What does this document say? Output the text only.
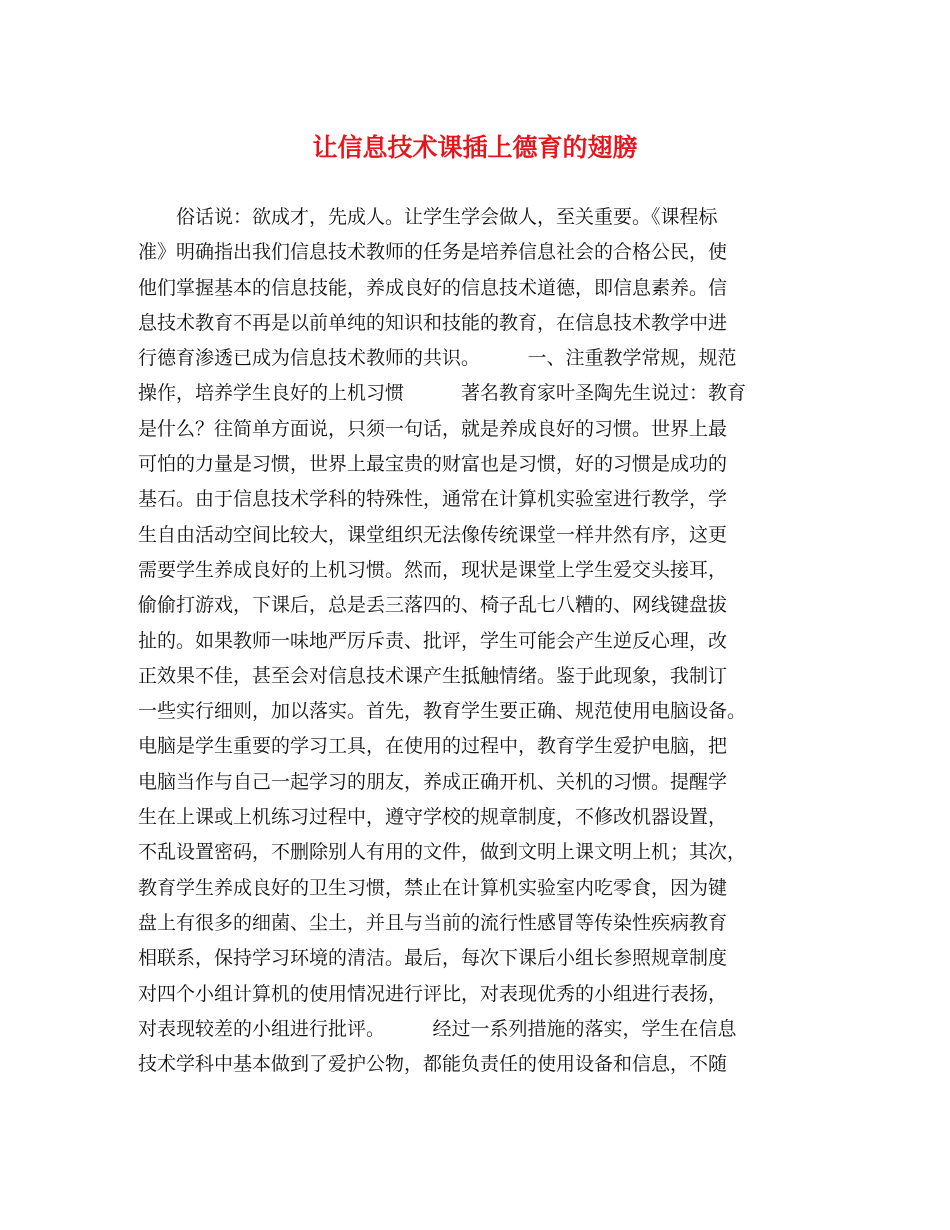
让信息技术课插上德育的翅膀
俗话说：欲成才，先成人。让学生学会做人，至关重要。《课程标
准》明确指出我们信息技术教师的任务是培养信息社会的合格公民，使
他们掌握基本的信息技能，养成良好的信息技术道德，即信息素养。信
息技术教育不再是以前单纯的知识和技能的教育，在信息技术教学中进
行德育渗透已成为信息技术教师的共识。　　　一、注重教学常规，规范
操作，培养学生良好的上机习惯　　　著名教育家叶圣陶先生说过：教育
是什么？往简单方面说，只须一句话，就是养成良好的习惯。世界上最
可怕的力量是习惯，世界上最宝贵的财富也是习惯，好的习惯是成功的
基石。由于信息技术学科的特殊性，通常在计算机实验室进行教学，学
生自由活动空间比较大，课堂组织无法像传统课堂一样井然有序，这更
需要学生养成良好的上机习惯。然而，现状是课堂上学生爱交头接耳，
偷偷打游戏，下课后，总是丢三落四的、椅子乱七八糟的、网线键盘拔
扯的。如果教师一味地严厉斥责、批评，学生可能会产生逆反心理，改
正效果不佳，甚至会对信息技术课产生抵触情绪。鉴于此现象，我制订
一些实行细则，加以落实。首先，教育学生要正确、规范使用电脑设备。
电脑是学生重要的学习工具，在使用的过程中，教育学生爱护电脑，把
电脑当作与自己一起学习的朋友，养成正确开机、关机的习惯。提醒学
生在上课或上机练习过程中，遵守学校的规章制度，不修改机器设置，
不乱设置密码，不删除别人有用的文件，做到文明上课文明上机；其次，
教育学生养成良好的卫生习惯，禁止在计算机实验室内吃零食，因为键
盘上有很多的细菌、尘土，并且与当前的流行性感冒等传染性疾病教育
相联系，保持学习环境的清洁。最后，每次下课后小组长参照规章制度
对四个小组计算机的使用情况进行评比，对表现优秀的小组进行表扬，
对表现较差的小组进行批评。　　　经过一系列措施的落实，学生在信息
技术学科中基本做到了爱护公物，都能负责任的使用设备和信息，不随
